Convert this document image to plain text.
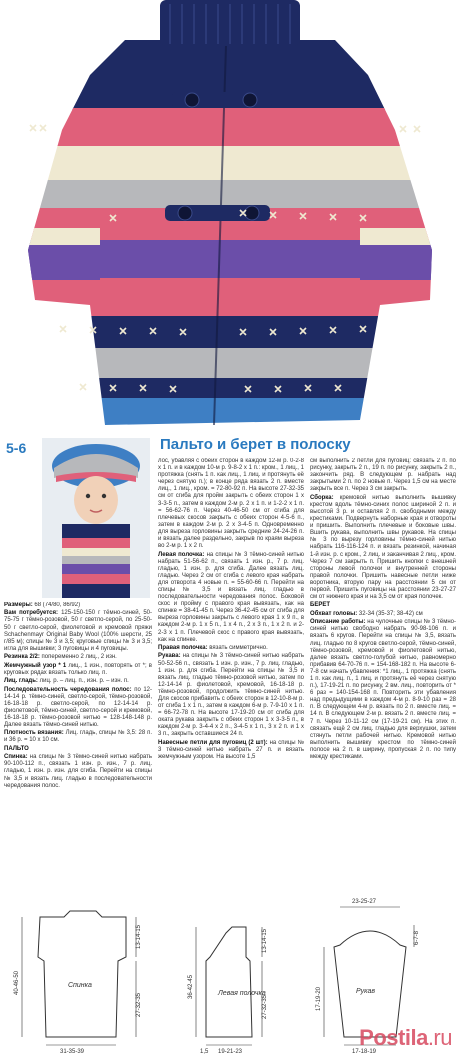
5-6	Пальто и берет в полоску

Размеры: 68 (74/80, 86/92)

Вам потребуется: 125-150-150 г тёмно-синей, 50-75-75 г тёмно-розовой, 50 г светло-серой, по 25-50-50 г светло-серой, фиолетовой и кремовой пряжи Schachenmayr Original Baby Wool (100% шерсти, 25 г/85 м); спицы № 3 и 3,5; круговые спицы № 3 и 3,5; игла для вышивки; 3 пуговицы и 4 пуговицы.

Резинка 2/2: попеременно 2 лиц., 2 изн.

Жемчужный узор * 1 лиц., 1 изн., повторять от *; в круговых рядах вязать только лиц. п.

Лиц. гладь: лиц. р. – лиц. п., изн. р. – изн. п.

Последовательность чередования полос: по 12-14-14 р. тёмно-синей, светло-серой, тёмно-розовой, 16-18-18 р. светло-серой, по 12-14-14 р. фиолетовой, тёмно-синей, светло-серой и кремовой, 16-18-18 р. тёмно-розовой нитью = 128-148-148 р. Далее вязать тёмно-синей нитью.

Плотность вязания: Лиц. гладь, спицы № 3,5: 28 п. и 36 р. = 10 х 10 см.

ПАЛЬТО

Спинка: на спицы № 3 тёмно-синей нитью набрать 90-100-112 п., связать 1 изн. р. изн., 7 р. лиц. гладью, 1 изн. р. изн. для сгиба. Перейти на спицы № 3,5 и вязать лиц. гладью в последовательности чередования полос.

лос, убавляя с обеих сторон в каждом 12-м р. 0-2-8 х 1 п. и в каждом 10-м р. 9-8-2 х 1 п.: кром., 1 лиц., 1 протяжка (снять 1 п. как лиц., 1 лиц. и протянуть её через снятую п.); в конце ряда вязать 2 п. вместе лиц., 1 лиц., кром. = 72-80-92 п. На высоте 27-32-35 см от сгиба для пройм закрыть с обеих сторон 1 х 3-3-5 п., затем в каждом 2-м р. 2 х 1 п. и 1-2-2 х 1 п. = 56-62-76 п. Через 40-46-50 см от сгиба для плечевых скосов закрыть с обеих сторон 4-5-6 п., затем в каждом 2-м р. 2 х 3-4-5 п. Одновременно для выреза горловины закрыть средние 24-24-26 п. и вязать далее раздельно, закрыв по краям выреза во 2-м р. 1 х 2 п.

Левая полочка: на спицы № 3 тёмно-синей нитью набрать 51-56-62 п., связать 1 изн. р., 7 р. лиц. гладью, 1 изн. р. для сгиба. Далее вязать лиц. гладью. Через 2 см от сгиба с левого края набрать для отворота 4 новые п. = 55-60-66 п. Перейти на спицы № 3,5 и вязать лиц. гладью в последовательности чередования полос. Боковой скос и пройму с правого края вывязать, как на спинке = 38-41-45 п. Через 36-42-45 см от сгиба для выреза горловины закрыть с левого края 1 х 9 п., в каждом 2-м р. 1 х 5 п., 1 х 4 п., 2 х 3 п., 1 х 2 п. и 2-2-3 х 1 п. Плечевой скос с правого края вывязать, как на спинке.

Правая полочка: вязать симметрично.

Рукава: на спицы № 3 тёмно-синей нитью набрать 50-52-56 п., связать 1 изн. р. изн., 7 р. лиц. гладью, 1 изн. р. для сгиба. Перейти на спицы № 3,5 и вязать лиц. гладью тёмно-розовой нитью, затем по 12-14-14 р. фиолетовой, кремовой, 16-18-18 р. тёмно-розовой, продолжить тёмно-синей нитью. Для скосов прибавить с обеих сторон в 12-10-8-м р. от сгиба 1 х 1 п., затем в каждом 6-м р. 7-9-10 х 1 п. = 66-72-78 п. На высоте 17-19-20 см от сгиба для оката рукава закрыть с обеих сторон 1 х 3-3-5 п., в каждом 2-м р. 3-4-4 х 2 п., 3-4-5 х 1 п., 3 х 2 п. и 1 х 3 п., закрыть оставшиеся 24 п.

Навесные петли для пуговиц (2 шт): на спицы № 3 тёмно-синей нитью набрать 27 п. и вязать жемчужным узором. На высоте 1,5

см выполнить 2 петли для пуговиц: связать 2 п. по рисунку, закрыть 2 п., 19 п. по рисунку, закрыть 2 п., закончить ряд. В следующем р. набрать над закрытыми 2 п. по 2 новые п. Через 1,5 см на месте закрыть все п. Через 3 см закрыть.

Сборка: кремовой нитью выполнить вышивку крестом вдоль тёмно-синих полос шириной 2 п. и высотой 3 р. и оставляя 2 п. свободными между крестиками. Подвернуть наборные края и отвороты и пришить. Выполнить плечевые и боковые швы. Вшить рукава, выполнить швы рукавов. На спицы № 3 по вырезу горловины тёмно-синей нитью набрать 116-116-124 п. и вязать резинкой, начиная 1-й изн. р. с кром., 2 лиц. и заканчивая 2 лиц., кром. Через 7 см закрыть п. Пришить кнопки с внешней стороны левой полочки и внутренней стороны правой полочки. Пришить навесные петли ниже воротника, вторую пару на расстоянии 5 см от первой. Пришить пуговицы на расстоянии 23-27-27 см от нижнего края и на 3,5 см от края полочек.

БЕРЕТ

Обхват головы: 32-34 (35-37; 38-42) см

Описание работы: на чулочные спицы № 3 тёмно-синей нитью свободно набрать 90-98-106 п. и вязать 6 кругов. Перейти на спицы № 3,5, вязать лиц. гладью по 8 кругов светло-серой, тёмно-синей, тёмно-розовой, кремовой и фиолетовой нитью, далее вязать светло-голубой нитью, равномерно прибавив 64-70-76 п. = 154-168-182 п. На высоте 6-7-8 см начать убавления: *1 лиц., 1 протяжка (снять 1 п. как лиц. п., 1 лиц. и протянуть её через снятую п.), 17-19-21 п. по рисунку, 2 вм. лиц., повторить от * 6 раз = 140-154-168 п. Повторить эти убавления над предыдущими в каждом 4-м р. 8-9-10 раз = 28 п. В следующем 4-м р. вязать по 2 п. вместе лиц. = 14 п. В следующем 2-м р. вязать 2 п. вместе лиц. = 7 п. Через 10-11-12 см (17-19-21 см). На этих п. связать ещё 2 см лиц. гладью для верхушки, затем стянуть петли рабочей нитью. Кремовой нитью выполнить вышивку крестом по тёмно-синей полосе на 2 п. в ширину, пропуская 2 п. по типу между крестиками.

Спинка
40-46-50
13-14-15
27-32-35
31-35-39
Левая полочка
36-42-45
27-32-35
13-14-15
1,5 19-21-23
Рукав
23-25-27
17-19-20
6-7-8
17-18-19
Postila.ru
